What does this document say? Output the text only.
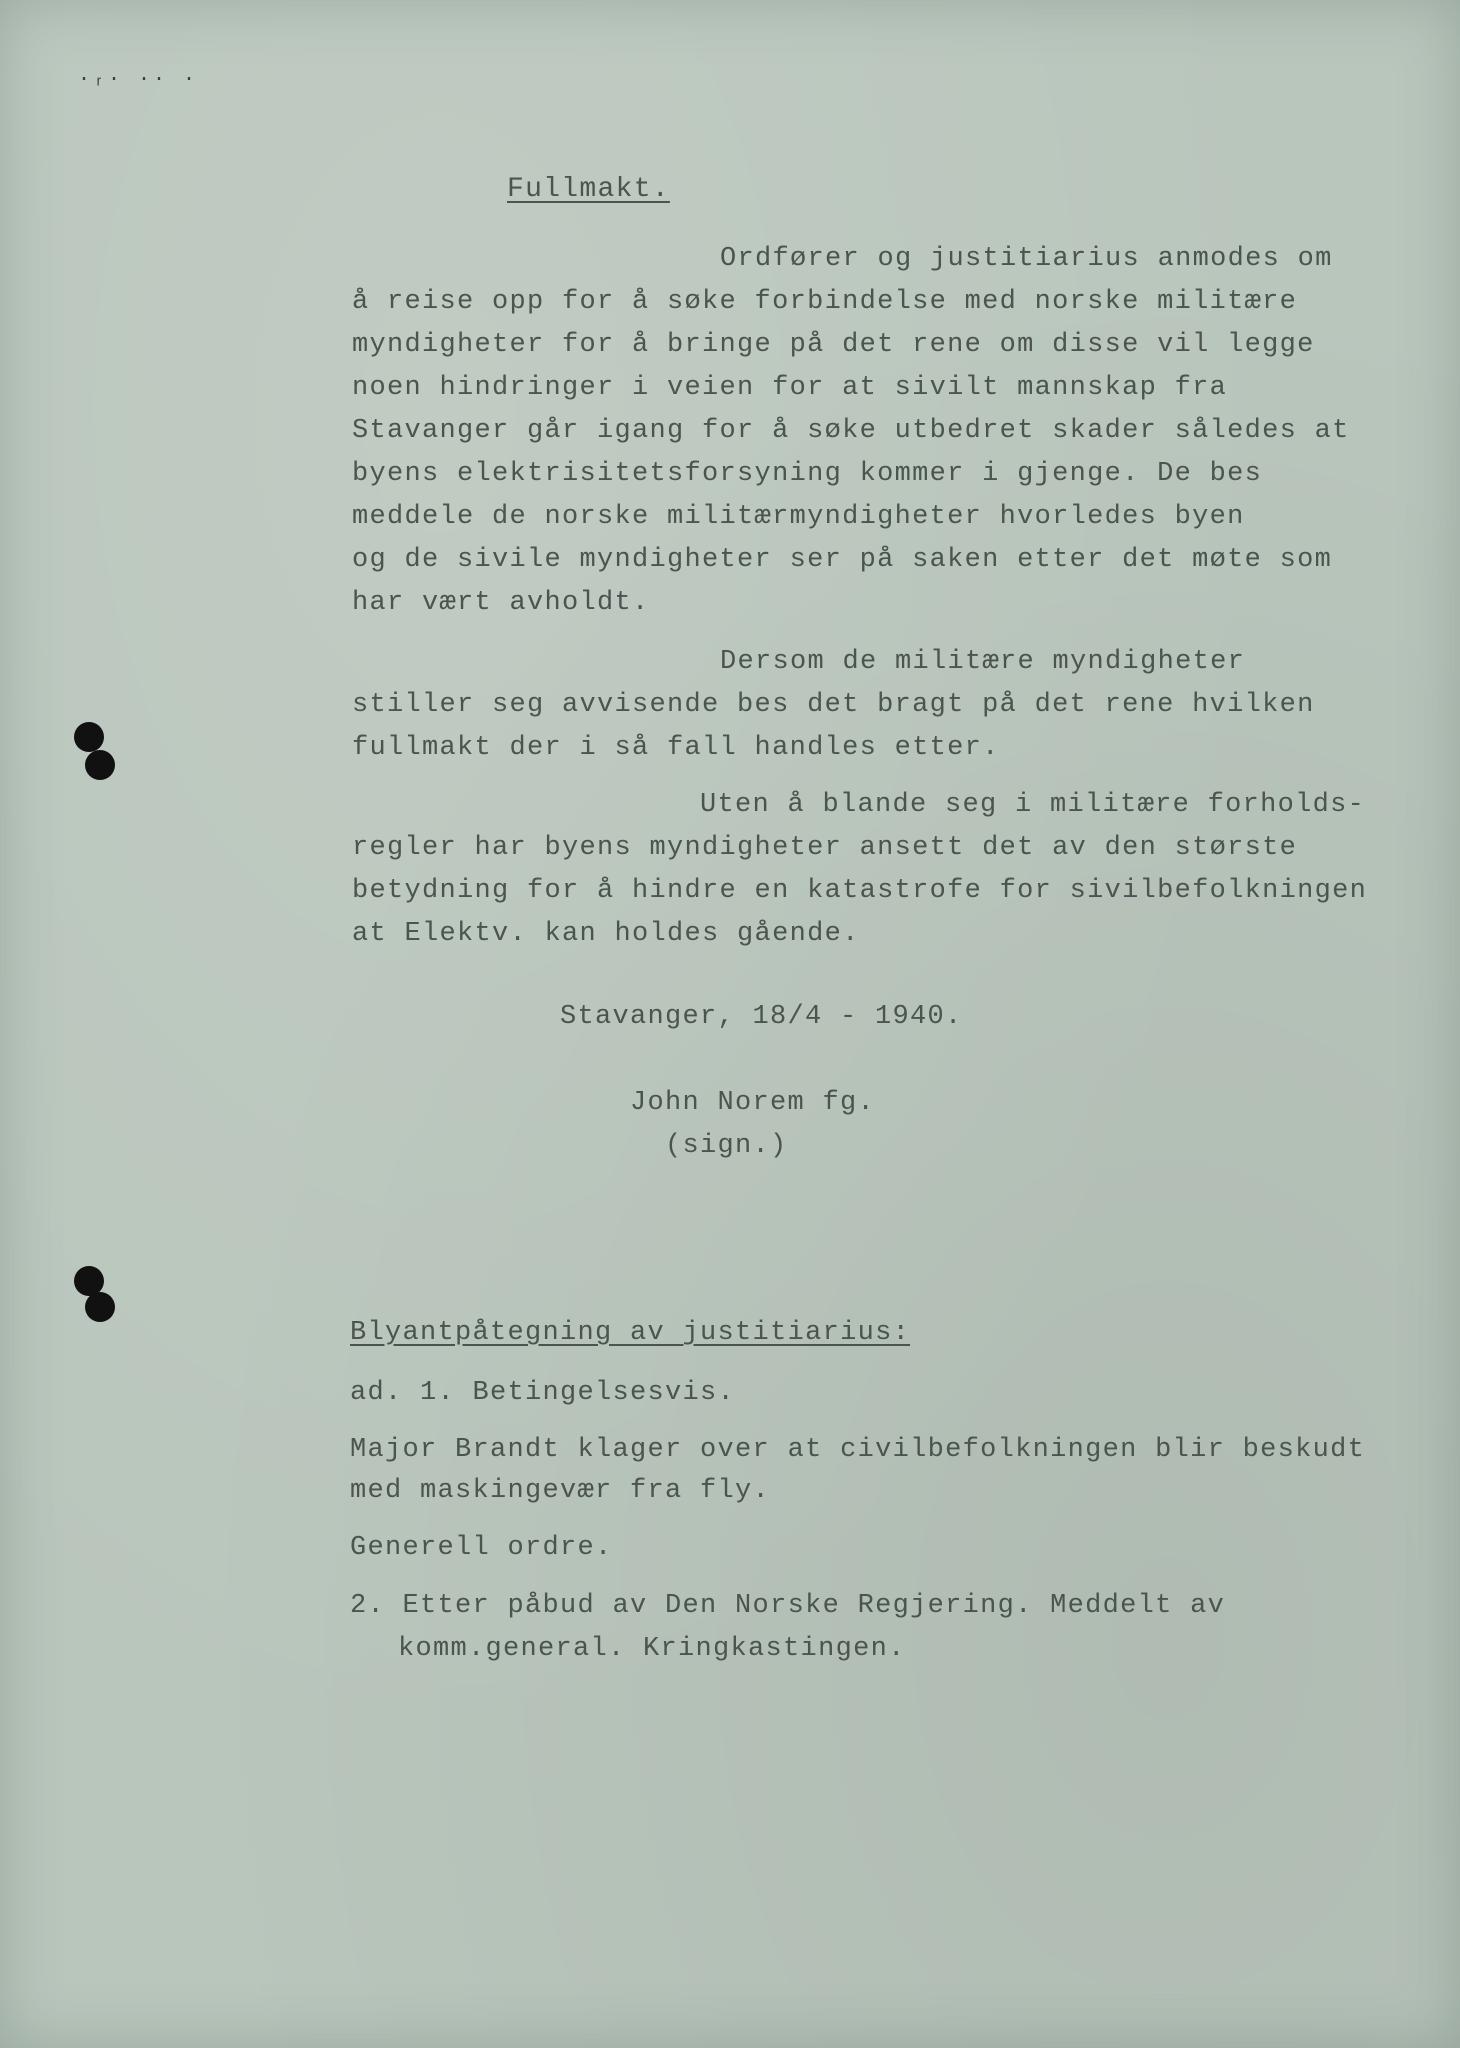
·ᵣ· ·· ·
Fullmakt.
Ordfører og justitiarius anmodes om
å reise opp for å søke forbindelse med norske militære
myndigheter for å bringe på det rene om disse vil legge
noen hindringer i veien for at sivilt mannskap fra
Stavanger går igang for å søke utbedret skader således at
byens elektrisitetsforsyning kommer i gjenge. De bes
meddele de norske militærmyndigheter hvorledes byen
og de sivile myndigheter ser på saken etter det møte som
har vært avholdt.
Dersom de militære myndigheter
stiller seg avvisende bes det bragt på det rene hvilken
fullmakt der i så fall handles etter.
Uten å blande seg i militære forholds-
regler har byens myndigheter ansett det av den største
betydning for å hindre en katastrofe for sivilbefolkningen
at Elektv. kan holdes gående.
Stavanger, 18/4 - 1940.
John Norem fg.
(sign.)
Blyantpåtegning av justitiarius:
ad. 1. Betingelsesvis.
Major Brandt klager over at civilbefolkningen blir beskudt
med maskingevær fra fly.
Generell ordre.
2. Etter påbud av Den Norske Regjering. Meddelt av
komm.general. Kringkastingen.
